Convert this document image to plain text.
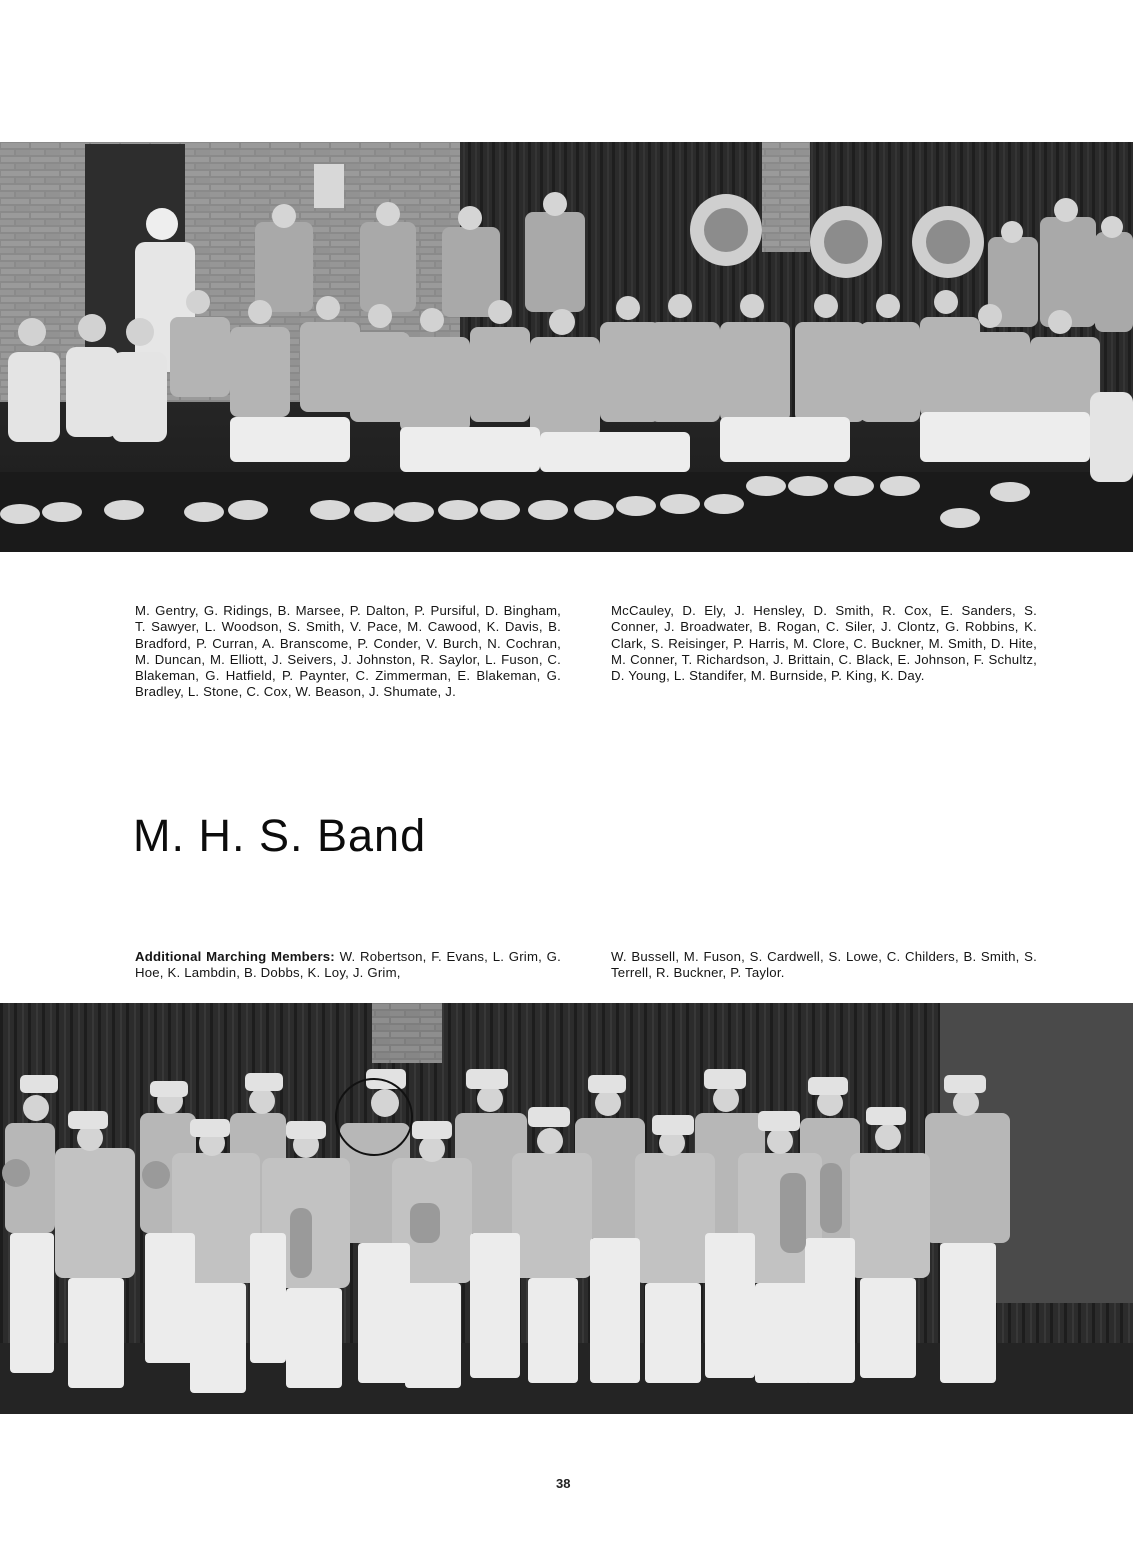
M. Gentry, G. Ridings, B. Marsee, P. Dalton, P. Pursiful, D. Bingham, T. Sawyer, L. Woodson, S. Smith, V. Pace, M. Cawood, K. Davis, B. Bradford, P. Curran, A. Branscome, P. Conder, V. Burch, N. Cochran, M. Duncan, M. Elliott, J. Seivers, J. Johnston, R. Saylor, L. Fuson, C. Blakeman, G. Hatfield, P. Paynter, C. Zimmerman, E. Blakeman, G. Bradley, L. Stone, C. Cox, W. Beason, J. Shumate, J.

McCauley, D. Ely, J. Hensley, D. Smith, R. Cox, E. Sanders, S. Conner, J. Broadwater, B. Rogan, C. Siler, J. Clontz, G. Robbins, K. Clark, S. Reisinger, P. Harris, M. Clore, C. Buckner, M. Smith, D. Hite, M. Conner, T. Richardson, J. Brittain, C. Black, E. Johnson, F. Schultz, D. Young, L. Standifer, M. Burnside, P. King, K. Day.

M. H. S. Band

Additional Marching Members: W. Robertson, F. Evans, L. Grim, G. Hoe, K. Lambdin, B. Dobbs, K. Loy, J. Grim,

W. Bussell, M. Fuson, S. Cardwell, S. Lowe, C. Childers, B. Smith, S. Terrell, R. Buckner, P. Taylor.

38
